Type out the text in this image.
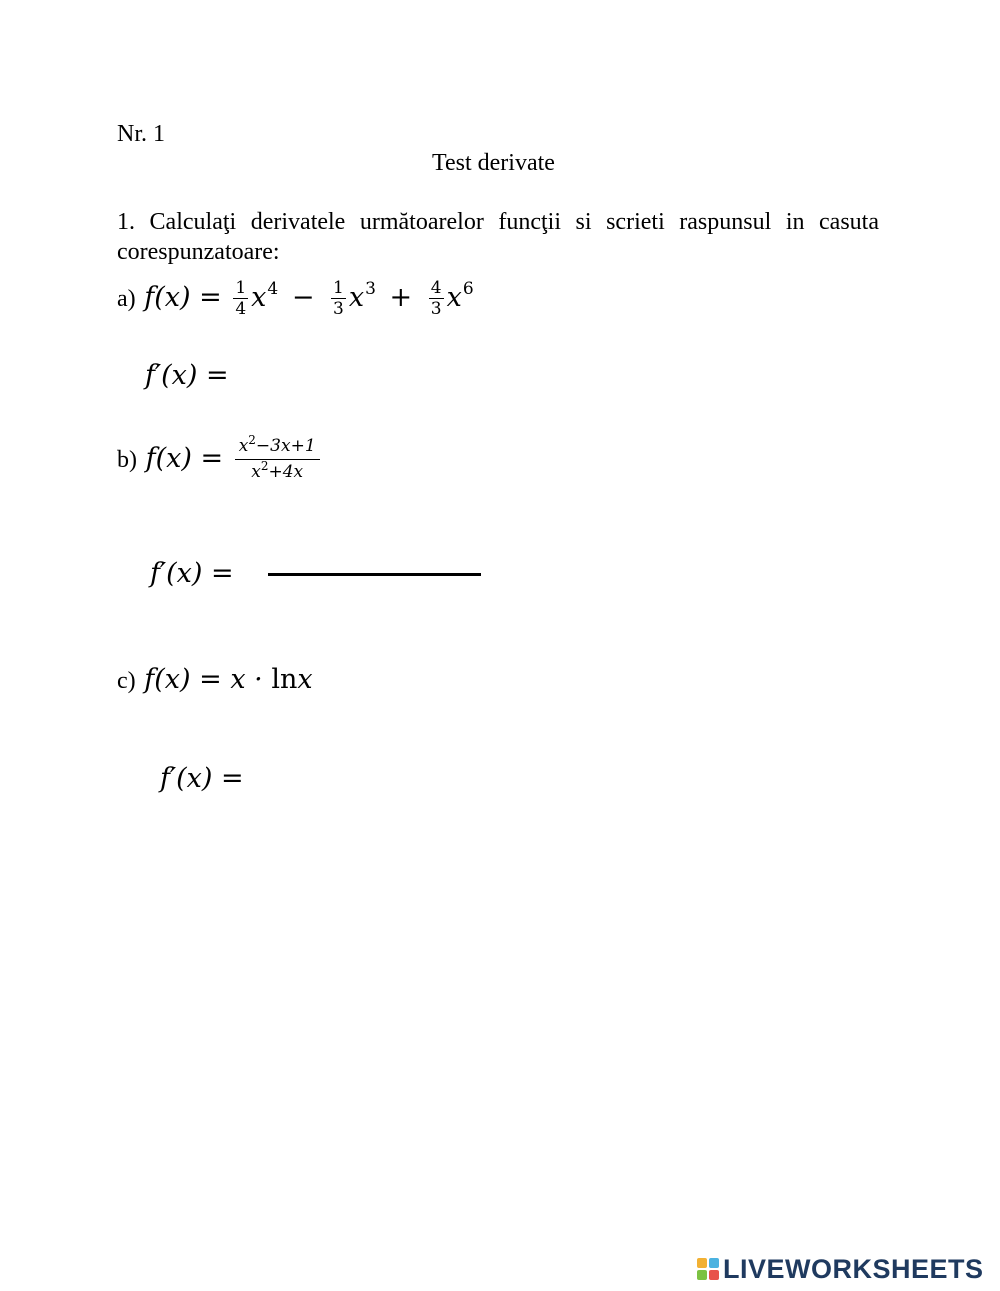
Nr. 1
Test derivate
1. Calculaţi derivatele următoarelor funcţii si scrieti raspunsul in casuta corespunzatoare:
a) $f(x) = \frac{1}{4} x^4 - \frac{1}{3} x^3 + \frac{4}{3} x^6$
f′(x) =
b) $f(x) = \frac{x^2-3x+1}{x^2+4x}$
f′(x) =
c) f(x) = x · lnx
f′(x) =
LIVEWORKSHEETS
